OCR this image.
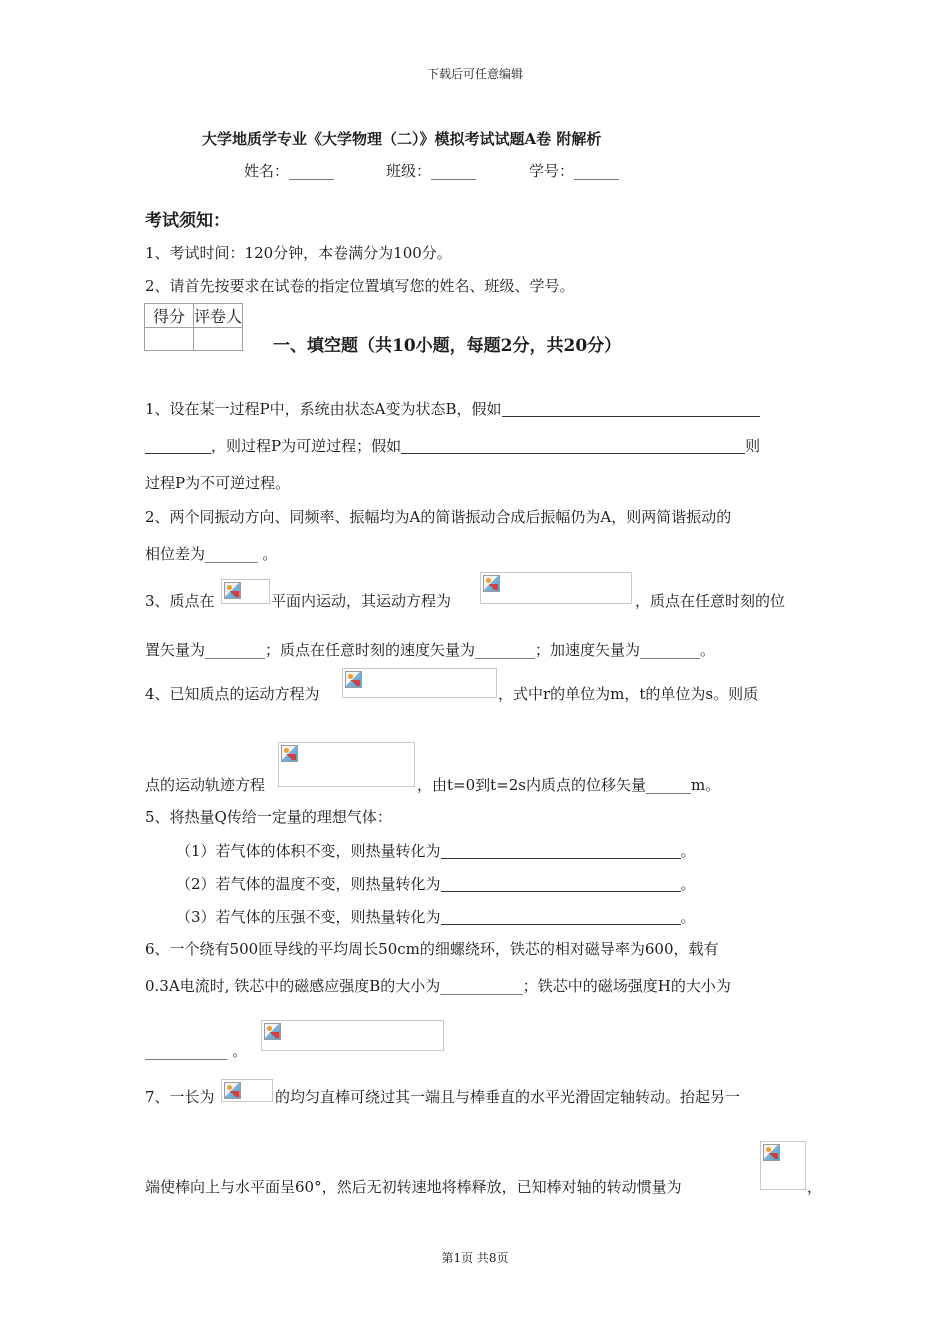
下载后可任意编辑
大学地质学专业《大学物理（二）》模拟考试试题A卷 附解析
姓名：______	班级：______	学号：______
考试须知：
1、考试时间：120分钟，本卷满分为100分。
2、请首先按要求在试卷的指定位置填写您的姓名、班级、学号。
得分	评卷人

一、填空题（共10小题，每题2分，共20分）
1、设在某一过程P中，系统由状态A变为状态B，假如
，则过程P为可逆过程；假如	则
过程P为不可逆过程。
2、两个同振动方向、同频率、振幅均为A的简谐振动合成后振幅仍为A，则两简谐振动的
相位差为_______ 。
3、质点在	平面内运动，其运动方程为	，质点在任意时刻的位
置矢量为________；质点在任意时刻的速度矢量为________；加速度矢量为________。
4、已知质点的运动方程为	，式中r的单位为m，t的单位为s。则质
点的运动轨迹方程	，由t=0到t=2s内质点的位移矢量______m。
5、将热量Q传给一定量的理想气体：
（1）若气体的体积不变，则热量转化为	。
（2）若气体的温度不变，则热量转化为	。
（3）若气体的压强不变，则热量转化为	。
6、一个绕有500匝导线的平均周长50cm的细螺绕环，铁芯的相对磁导率为600，载有
0.3A电流时, 铁芯中的磁感应强度B的大小为___________；铁芯中的磁场强度H的大小为
___________ 。
7、一长为	的均匀直棒可绕过其一端且与棒垂直的水平光滑固定轴转动。抬起另一
端使棒向上与水平面呈60°，然后无初转速地将棒释放，已知棒对轴的转动惯量为	，
第1页 共8页
